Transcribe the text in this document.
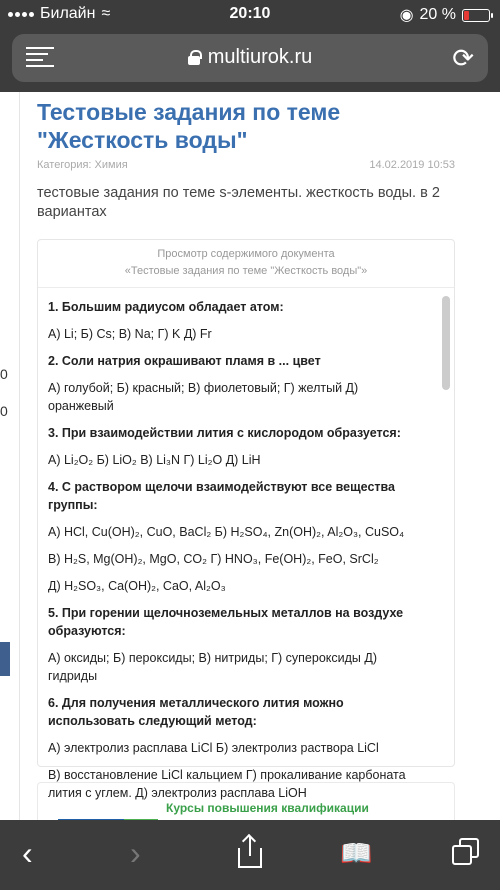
Билайн ≈	20:10	◉ 20 %
multiurok.ru	⟳
0
0
Тестовые задания по теме "Жесткость воды"
Категория: Химия	14.02.2019 10:53
тестовые задания по теме s-элементы. жесткость воды. в 2 вариантах
Просмотр содержимого документа
«Тестовые задания по теме "Жесткость воды"»
1. Большим радиусом обладает атом:
А) Li; Б) Cs; В) Na; Г) K Д) Fr
2. Соли натрия окрашивают пламя в ... цвет
А) голубой; Б) красный; В) фиолетовый; Г) желтый Д) оранжевый
3. При взаимодействии лития с кислородом образуется:
А) Li₂O₂ Б) LiO₂ В) Li₃N Г) Li₂O Д) LiH
4. С раствором щелочи взаимодействуют все вещества группы:
А) HCl, Cu(OH)₂, CuO, BaCl₂ Б) H₂SO₄, Zn(OH)₂, Al₂O₃, CuSO₄
В) H₂S, Mg(OH)₂, MgO, CO₂ Г) HNO₃, Fe(OH)₂, FeO, SrCl₂
Д) H₂SO₃, Ca(OH)₂, CaO, Al₂O₃
5. При горении щелочноземельных металлов на воздухе образуются:
А) оксиды; Б) пероксиды; В) нитриды; Г) супероксиды Д) гидриды
6. Для получения металлического лития можно использовать следующий метод:
А) электролиз расплава LiCl Б) электролиз раствора LiCl
В) восстановление LiCl кальцием Г) прокаливание карбоната лития с углем. Д) электролиз расплава LiOH
Курсы повышения квалификации
‹	›	📖
